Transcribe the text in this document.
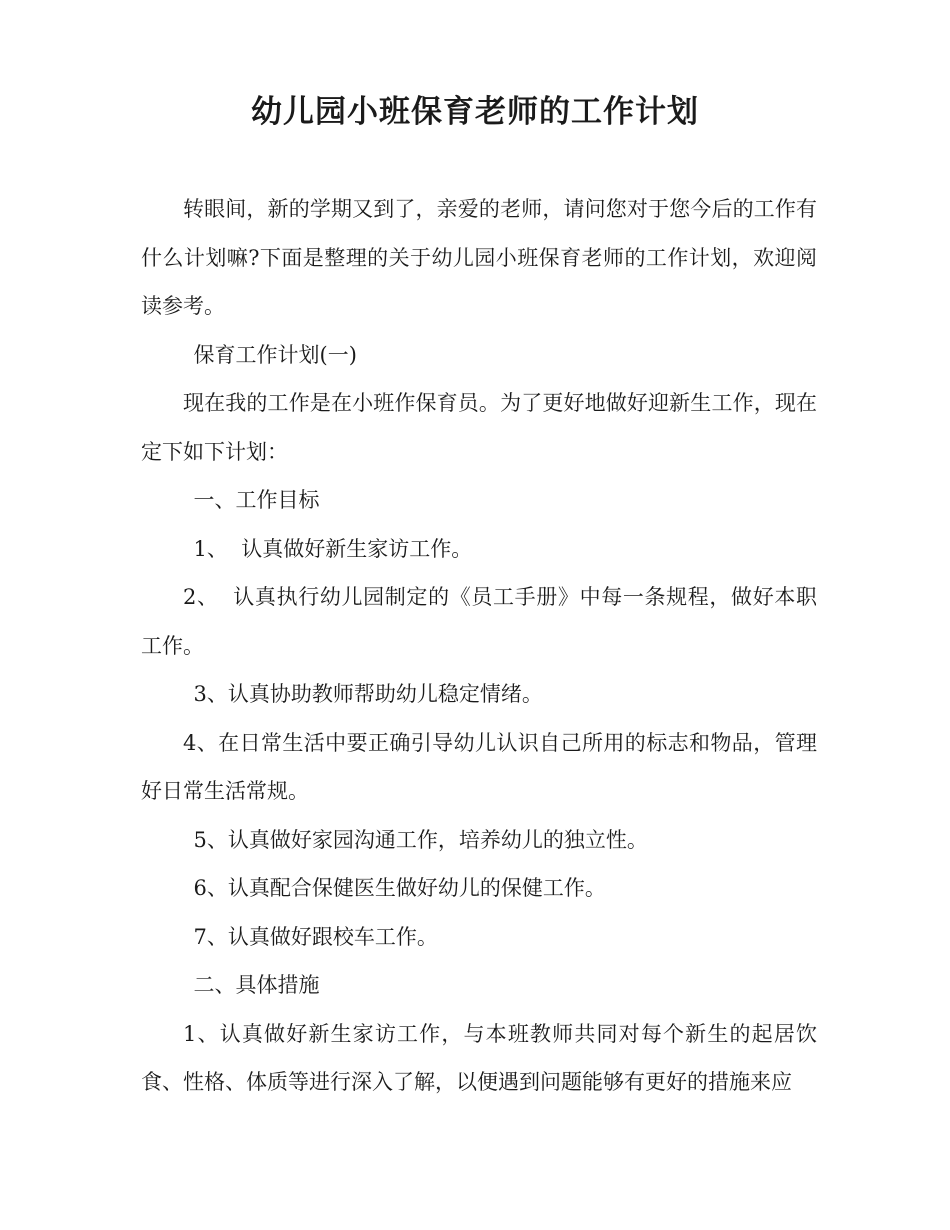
幼儿园小班保育老师的工作计划

转眼间，新的学期又到了，亲爱的老师，请问您对于您今后的工作有什么计划嘛?下面是整理的关于幼儿园小班保育老师的工作计划，欢迎阅读参考。

保育工作计划(一)

现在我的工作是在小班作保育员。为了更好地做好迎新生工作，现在定下如下计划：

一、工作目标

1、  认真做好新生家访工作。

2、  认真执行幼儿园制定的《员工手册》中每一条规程，做好本职工作。

3、认真协助教师帮助幼儿稳定情绪。

4、在日常生活中要正确引导幼儿认识自己所用的标志和物品，管理好日常生活常规。

5、认真做好家园沟通工作，培养幼儿的独立性。

6、认真配合保健医生做好幼儿的保健工作。

7、认真做好跟校车工作。

二、具体措施

1、认真做好新生家访工作，与本班教师共同对每个新生的起居饮食、性格、体质等进行深入了解，以便遇到问题能够有更好的措施来应
